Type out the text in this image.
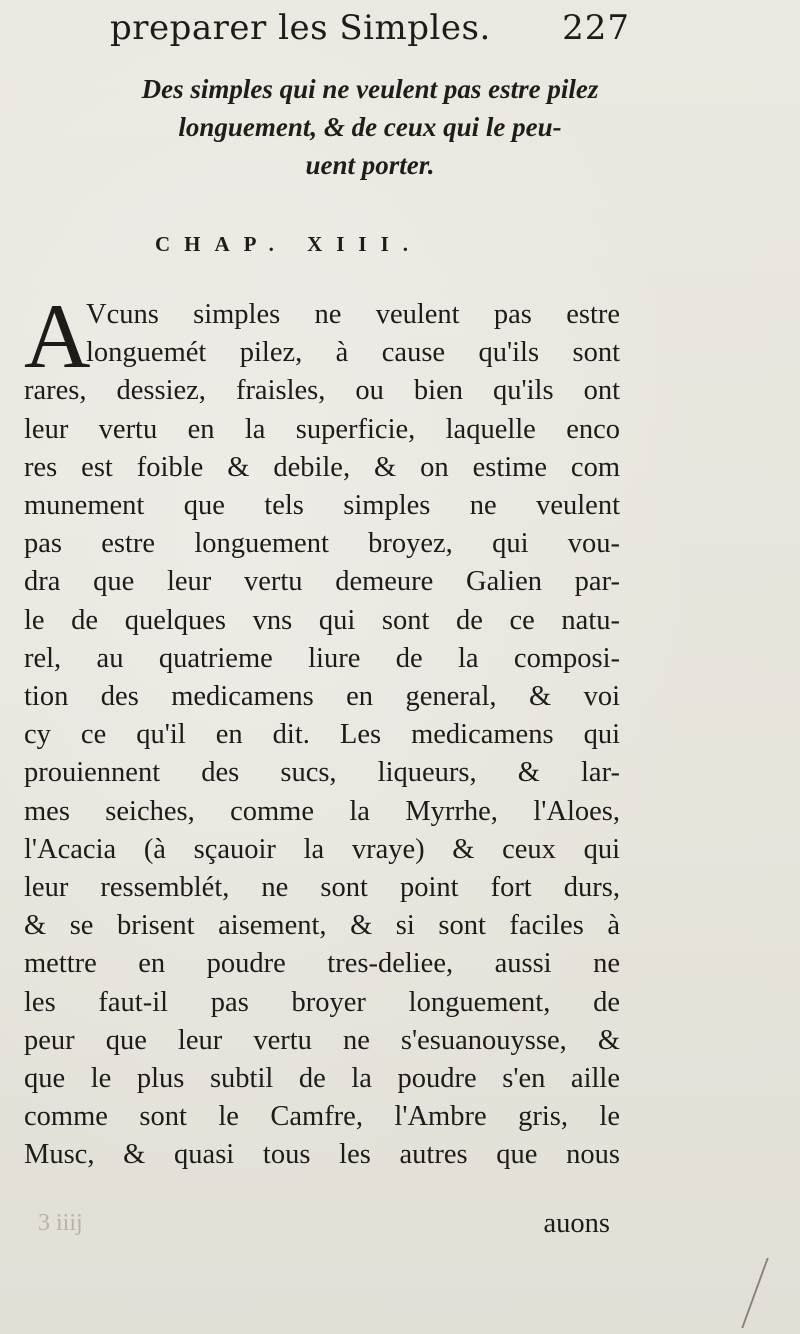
preparer les Simples. 227
Des simples qui ne veulent pas estre pilez
longuement, & de ceux qui le peu-
uent porter.
CHAP. XIII.
A
Vcuns simples ne veulent pas estre
longuemét pilez, à cause qu'ils sont
rares, dessiez, fraisles, ou bien qu'ils ont
leur vertu en la superficie, laquelle enco
res est foible & debile, & on estime com
munement que tels simples ne veulent
pas estre longuement broyez, qui vou-
dra que leur vertu demeure Galien par-
le de quelques vns qui sont de ce natu-
rel, au quatrieme liure de la composi-
tion des medicamens en general, & voi
cy ce qu'il en dit. Les medicamens qui
prouiennent des sucs, liqueurs, & lar-
mes seiches, comme la Myrrhe, l'Aloes,
l'Acacia (à sçauoir la vraye) & ceux qui
leur ressemblét, ne sont point fort durs,
& se brisent aisement, & si sont faciles à
mettre en poudre tres-deliee, aussi ne
les faut-il pas broyer longuement, de
peur que leur vertu ne s'esuanouysse, &
que le plus subtil de la poudre s'en aille
comme sont le Camfre, l'Ambre gris, le
Musc, & quasi tous les autres que nous
3 iiij	auons
